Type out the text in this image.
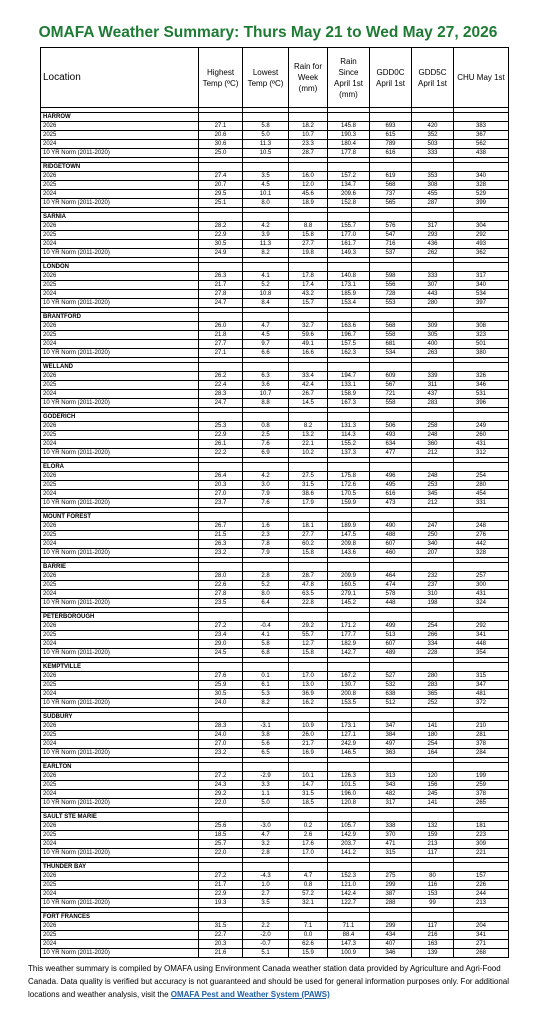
OMAFA Weather Summary: Thurs May 21 to Wed May 27, 2026
Location	Highest Temp (ºC)	Lowest Temp (ºC)	Rain for Week (mm)	Rain Since April 1st (mm)	GDD0C April 1st	GDD5C April 1st	CHU May 1st

HARROW							
2026	27.1	5.8	18.2	145.8	693	420	383
2025	20.6	5.0	10.7	190.3	615	352	367
2024	30.6	11.3	23.3	180.4	789	503	562
10 YR Norm (2011-2020)	25.0	10.5	28.7	177.8	616	333	438

RIDGETOWN							
2026	27.4	3.5	16.0	157.2	619	353	340
2025	20.7	4.5	12.0	134.7	568	308	328
2024	29.5	10.1	45.6	209.6	737	455	529
10 YR Norm (2011-2020)	25.1	8.0	18.9	152.8	565	287	399

SARNIA							
2026	28.2	4.2	8.8	155.7	576	317	304
2025	22.9	3.9	15.8	177.0	547	293	292
2024	30.5	11.3	27.7	161.7	716	436	493
10 YR Norm (2011-2020)	24.9	8.2	19.8	149.3	537	262	362

LONDON							
2026	26.3	4.1	17.8	140.8	598	333	317
2025	21.7	5.2	17.4	173.1	556	307	340
2024	27.8	10.8	43.2	185.9	728	443	534
10 YR Norm (2011-2020)	24.7	8.4	15.7	153.4	553	280	397

BRANTFORD							
2026	26.0	4.7	32.7	163.6	568	309	308
2025	21.8	4.5	59.6	196.7	558	305	323
2024	27.7	9.7	49.1	157.5	681	400	501
10 YR Norm (2011-2020)	27.1	6.6	16.6	162.3	534	263	380

WELLAND							
2026	26.2	6.3	33.4	194.7	609	339	326
2025	22.4	3.6	42.4	133.1	567	311	346
2024	28.3	10.7	26.7	158.9	721	437	531
10 YR Norm (2011-2020)	24.7	8.8	14.5	167.3	558	283	396

GODERICH							
2026	25.3	0.8	8.2	131.3	506	258	249
2025	22.9	2.5	13.2	114.3	493	248	260
2024	26.1	7.6	22.1	155.2	634	360	431
10 YR Norm (2011-2020)	22.2	6.9	10.2	137.3	477	212	312

ELORA							
2026	26.4	4.2	27.5	175.8	496	248	254
2025	20.3	3.0	31.5	172.6	495	253	280
2024	27.0	7.9	38.6	170.5	616	345	454
10 YR Norm (2011-2020)	23.7	7.6	17.9	159.9	473	212	331

MOUNT FOREST							
2026	26.7	1.6	18.1	189.9	490	247	248
2025	21.5	2.3	27.7	147.5	488	250	276
2024	26.3	7.8	60.2	209.8	607	340	442
10 YR Norm (2011-2020)	23.2	7.9	15.8	143.6	460	207	328

BARRIE							
2026	28.0	2.8	28.7	209.9	464	232	257
2025	22.6	5.2	47.8	160.5	474	237	300
2024	27.8	8.0	63.5	279.1	578	310	431
10 YR Norm (2011-2020)	23.5	6.4	22.8	145.2	448	198	324

PETERBOROUGH							
2026	27.2	-0.4	29.2	171.2	499	254	292
2025	23.4	4.1	55.7	177.7	513	266	341
2024	29.0	5.8	12.7	182.9	607	334	448
10 YR Norm (2011-2020)	24.5	6.8	15.8	142.7	489	228	354

KEMPTVILLE							
2026	27.6	0.1	17.0	167.2	527	280	315
2025	25.9	6.1	13.0	130.7	532	283	347
2024	30.5	5.3	36.9	200.8	638	365	481
10 YR Norm (2011-2020)	24.0	8.2	16.2	153.5	512	252	372

SUDBURY							
2026	28.3	-3.1	10.9	173.1	347	141	210
2025	24.0	3.8	26.0	127.1	384	180	281
2024	27.0	5.6	21.7	242.9	497	254	378
10 YR Norm (2011-2020)	23.2	6.5	16.9	146.5	363	164	284

EARLTON							
2026	27.2	-2.9	10.1	126.3	313	120	199
2025	24.3	3.3	14.7	101.5	343	156	259
2024	29.2	1.1	31.5	196.0	482	245	378
10 YR Norm (2011-2020)	22.0	5.0	18.5	120.8	317	141	265

SAULT STE MARIE							
2026	25.6	-3.0	0.2	105.7	338	132	181
2025	18.5	4.7	2.6	142.9	370	159	223
2024	25.7	3.2	17.6	203.7	471	213	309
10 YR Norm (2011-2020)	22.0	2.8	17.0	141.2	315	117	221

THUNDER BAY							
2026	27.2	-4.3	4.7	152.3	275	80	157
2025	21.7	1.0	0.8	121.0	299	116	226
2024	22.9	2.7	57.2	142.4	387	153	244
10 YR Norm (2011-2020)	19.3	3.5	32.1	122.7	288	99	213

FORT FRANCES							
2026	31.5	2.2	7.1	71.1	299	117	204
2025	22.7	-2.0	0.0	88.4	434	216	341
2024	20.3	-0.7	62.6	147.3	407	163	271
10 YR Norm (2011-2020)	21.6	5.1	15.9	100.9	346	139	268
This weather summary is compiled by OMAFA using Environment Canada weather station data provided by Agriculture and Agri-Food Canada. Data quality is verified but accuracy is not guaranteed and should be used for general information purposes only. For additional locations and weather analysis, visit the OMAFA Pest and Weather System (PAWS)
